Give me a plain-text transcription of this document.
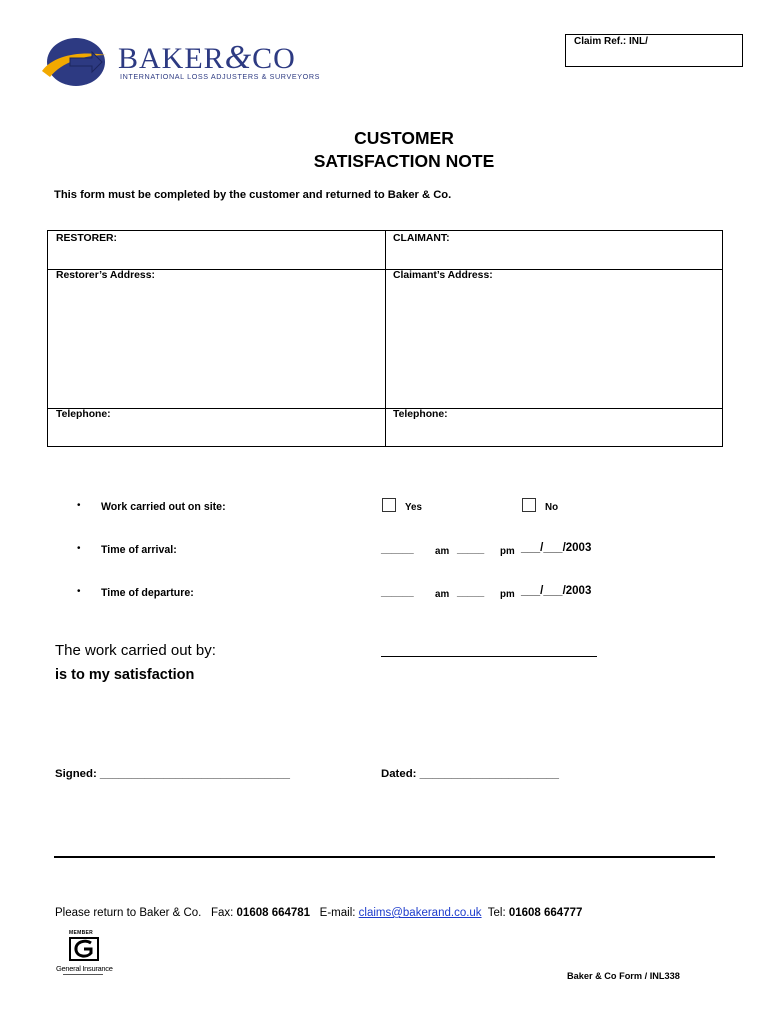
BAKER&CO
INTERNATIONAL LOSS ADJUSTERS & SURVEYORS
Claim Ref.: INL/
CUSTOMER
SATISFACTION NOTE
This form must be completed by the customer and returned to Baker & Co.
RESTORER:	CLAIMANT:
Restorer’s Address:	Claimant’s Address:
Telephone:	Telephone:
• Work carried out on site:	Yes	No
• Time of arrival:	______ am _____ pm ___/___/2003
• Time of departure:	______ am _____ pm ___/___/2003
The work carried out by:
is to my satisfaction
Signed: ______________________________	Dated: ______________________
Please return to Baker & Co.   Fax: 01608 664781   E-mail: claims@bakerand.co.uk  Tel: 01608 664777
MEMBER
General Insurance
Baker & Co Form / INL338
